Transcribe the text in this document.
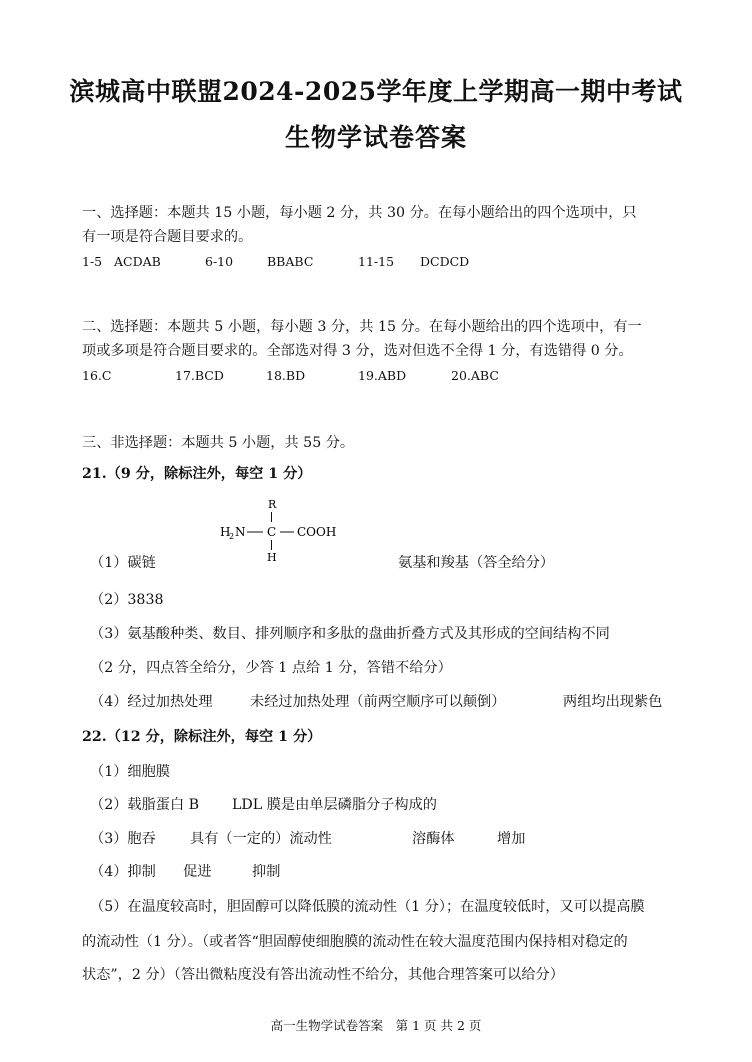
滨城高中联盟2024-2025学年度上学期高一期中考试
生物学试卷答案
一、选择题：本题共 15 小题，每小题 2 分，共 30 分。在每小题给出的四个选项中，只
有一项是符合题目要求的。
1-5 ACDAB	6-10	BBABC	11-15 DCDCD
二、选择题：本题共 5 小题，每小题 3 分，共 15 分。在每小题给出的四个选项中，有一
项或多项是符合题目要求的。全部选对得 3 分，选对但选不全得 1 分，有选错得 0 分。
16.C	17.BCD	18.BD	19.ABD	20.ABC
三、非选择题：本题共 5 小题，共 55 分。
21.（9 分，除标注外，每空 1 分）
R
H
2 N C COOH
H
（1）碳链	氨基和羧基（答全给分）
（2）3838
（3）氨基酸种类、数目、排列顺序和多肽的盘曲折叠方式及其形成的空间结构不同
（2 分，四点答全给分，少答 1 点给 1 分，答错不给分）
（4）经过加热处理	未经过加热处理（前两空顺序可以颠倒）	两组均出现紫色
22.（12 分，除标注外，每空 1 分）
（1）细胞膜
（2）载脂蛋白 B LDL 膜是由单层磷脂分子构成的
（3）胞吞 具有（一定的）流动性	溶酶体	增加
（4）抑制 促进	抑制
（5）在温度较高时，胆固醇可以降低膜的流动性（1 分）；在温度较低时，又可以提高膜
的流动性（1 分）。（或者答“胆固醇使细胞膜的流动性在较大温度范围内保持相对稳定的
状态”，2 分）（答出微粘度没有答出流动性不给分，其他合理答案可以给分）
高一生物学试卷答案　第 1 页 共 2 页
